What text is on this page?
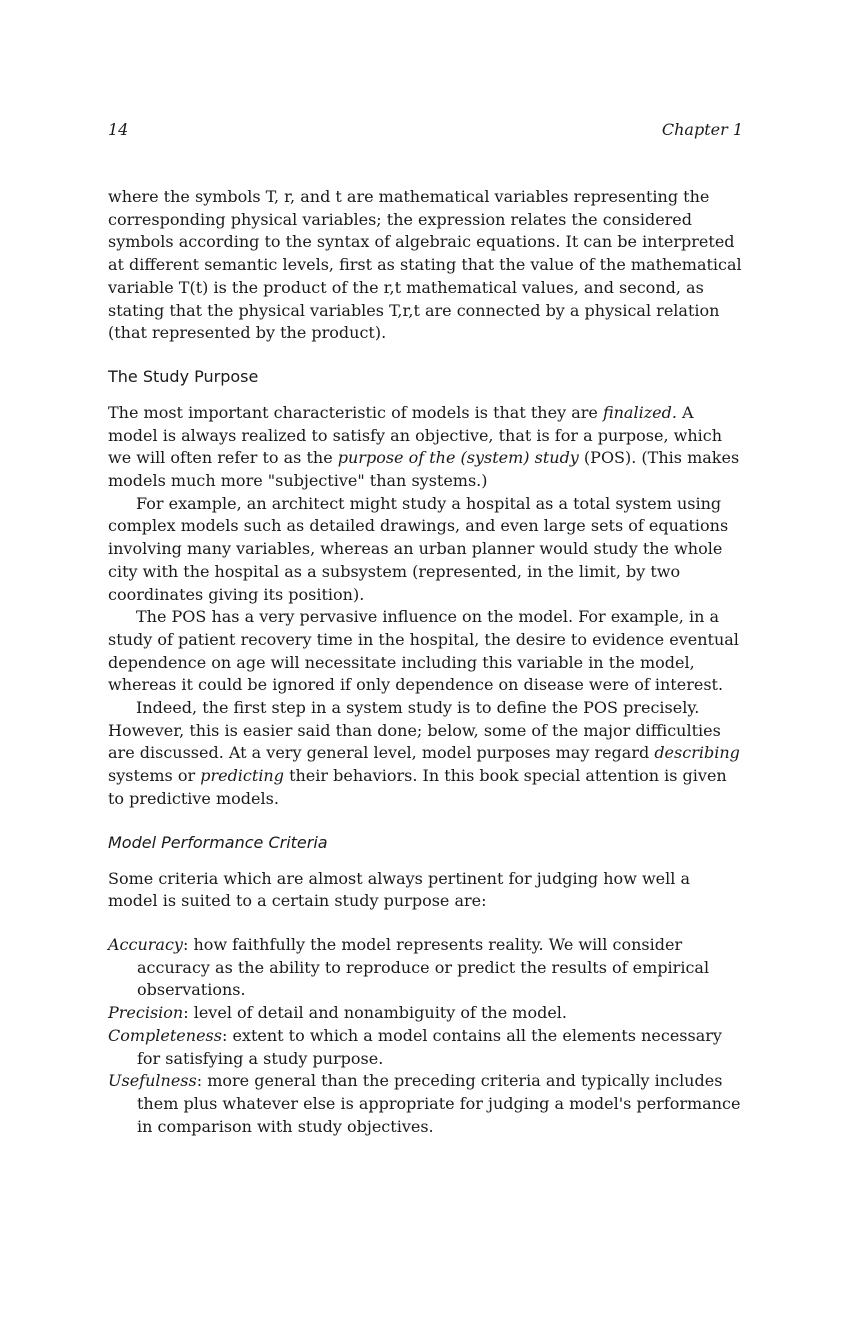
14	Chapter 1

where the symbols T, r, and t are mathematical variables representing the corresponding physical variables; the expression relates the considered symbols according to the syntax of algebraic equations. It can be interpreted at different semantic levels, first as stating that the value of the mathematical variable T(t) is the product of the r,t mathematical values, and second, as stating that the physical variables T,r,t are connected by a physical relation (that represented by the product).

The Study Purpose

The most important characteristic of models is that they are finalized. A model is always realized to satisfy an objective, that is for a purpose, which we will often refer to as the purpose of the (system) study (POS). (This makes models much more "subjective" than systems.)

For example, an architect might study a hospital as a total system using complex models such as detailed drawings, and even large sets of equations involving many variables, whereas an urban planner would study the whole city with the hospital as a subsystem (represented, in the limit, by two coordinates giving its position).

The POS has a very pervasive influence on the model. For example, in a study of patient recovery time in the hospital, the desire to evidence eventual dependence on age will necessitate including this variable in the model, whereas it could be ignored if only dependence on disease were of interest.

Indeed, the first step in a system study is to define the POS precisely. However, this is easier said than done; below, some of the major difficulties are discussed. At a very general level, model purposes may regard describing systems or predicting their behaviors. In this book special attention is given to predictive models.

Model Performance Criteria

Some criteria which are almost always pertinent for judging how well a model is suited to a certain study purpose are:

Accuracy: how faithfully the model represents reality. We will consider accuracy as the ability to reproduce or predict the results of empirical observations.

Precision: level of detail and nonambiguity of the model.

Completeness: extent to which a model contains all the elements necessary for satisfying a study purpose.

Usefulness: more general than the preceding criteria and typically includes them plus whatever else is appropriate for judging a model's performance in comparison with study objectives.
